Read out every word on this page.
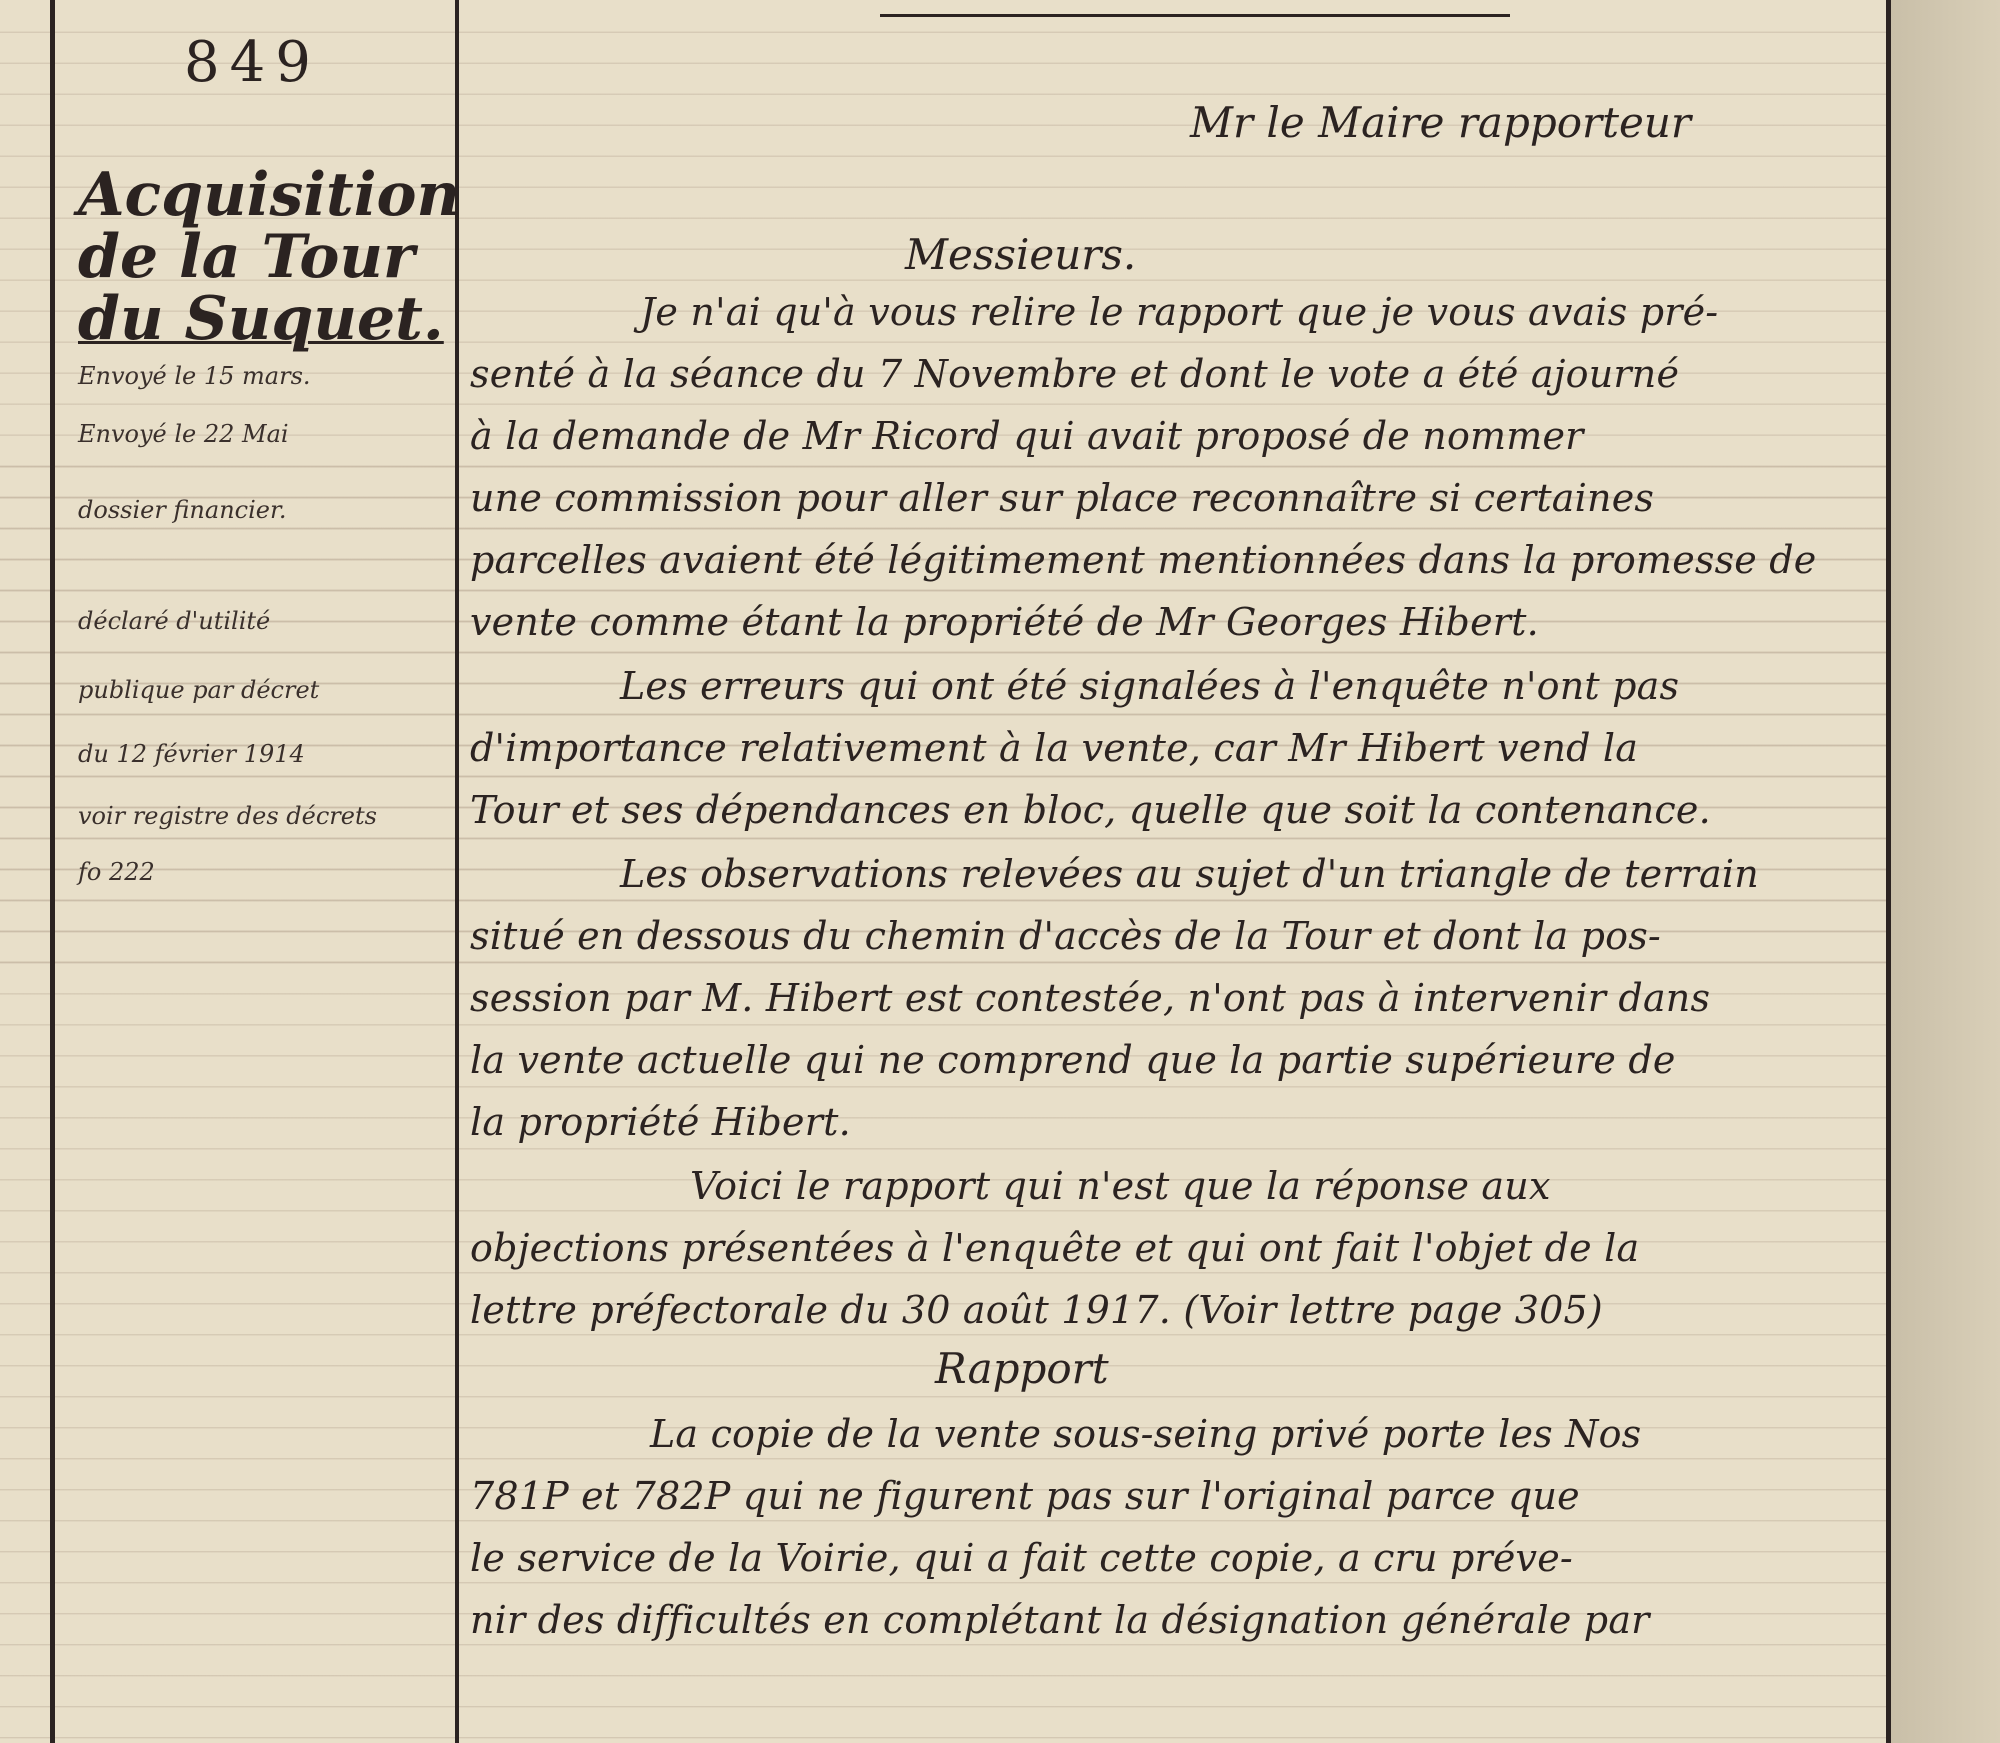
849
Acquisition
de la Tour
du Suquet.
Envoyé le 15 mars.
Envoyé le 22 Mai
dossier financier.
déclaré d'utilité
publique par décret
du 12 février 1914
voir registre des décrets
fo 222
Mr le Maire rapporteur
Messieurs.
Je n'ai qu'à vous relire le rapport que je vous avais pré-
senté à la séance du 7 Novembre et dont le vote a été ajourné
à la demande de Mr Ricord qui avait proposé de nommer
une commission pour aller sur place reconnaître si certaines
parcelles avaient été légitimement mentionnées dans la promesse de
vente comme étant la propriété de Mr Georges Hibert.
Les erreurs qui ont été signalées à l'enquête n'ont pas
d'importance relativement à la vente, car Mr Hibert vend la
Tour et ses dépendances en bloc, quelle que soit la contenance.
Les observations relevées au sujet d'un triangle de terrain
situé en dessous du chemin d'accès de la Tour et dont la pos-
session par M. Hibert est contestée, n'ont pas à intervenir dans
la vente actuelle qui ne comprend que la partie supérieure de
la propriété Hibert.
Voici le rapport qui n'est que la réponse aux
objections présentées à l'enquête et qui ont fait l'objet de la
lettre préfectorale du 30 août 1917. (Voir lettre page 305)
Rapport
La copie de la vente sous-seing privé porte les Nos
781P et 782P qui ne figurent pas sur l'original parce que
le service de la Voirie, qui a fait cette copie, a cru préve-
nir des difficultés en complétant la désignation générale par
